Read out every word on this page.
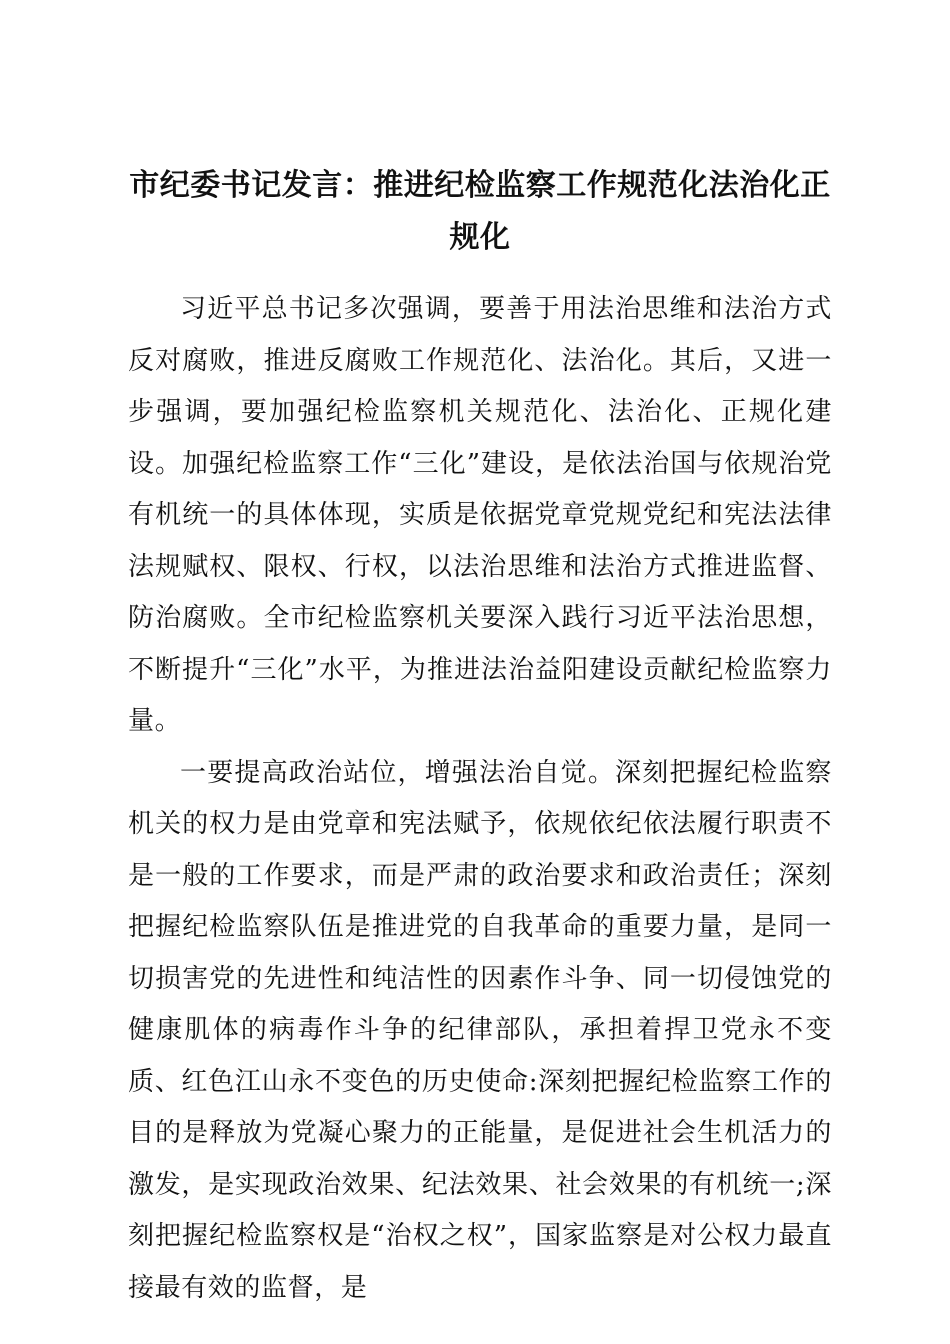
市纪委书记发言：推进纪检监察工作规范化法治化正规化

习近平总书记多次强调，要善于用法治思维和法治方式反对腐败，推进反腐败工作规范化、法治化。其后，又进一步强调，要加强纪检监察机关规范化、法治化、正规化建设。加强纪检监察工作“三化”建设，是依法治国与依规治党有机统一的具体体现，实质是依据党章党规党纪和宪法法律法规赋权、限权、行权，以法治思维和法治方式推进监督、防治腐败。全市纪检监察机关要深入践行习近平法治思想，不断提升“三化”水平，为推进法治益阳建设贡献纪检监察力量。

一要提高政治站位，增强法治自觉。深刻把握纪检监察机关的权力是由党章和宪法赋予，依规依纪依法履行职责不是一般的工作要求，而是严肃的政治要求和政治责任；深刻把握纪检监察队伍是推进党的自我革命的重要力量，是同一切损害党的先进性和纯洁性的因素作斗争、同一切侵蚀党的健康肌体的病毒作斗争的纪律部队，承担着捍卫党永不变质、红色江山永不变色的历史使命:深刻把握纪检监察工作的目的是释放为党凝心聚力的正能量，是促进社会生机活力的激发，是实现政治效果、纪法效果、社会效果的有机统一;深刻把握纪检监察权是“治权之权”，国家监察是对公权力最直接最有效的监督，是
